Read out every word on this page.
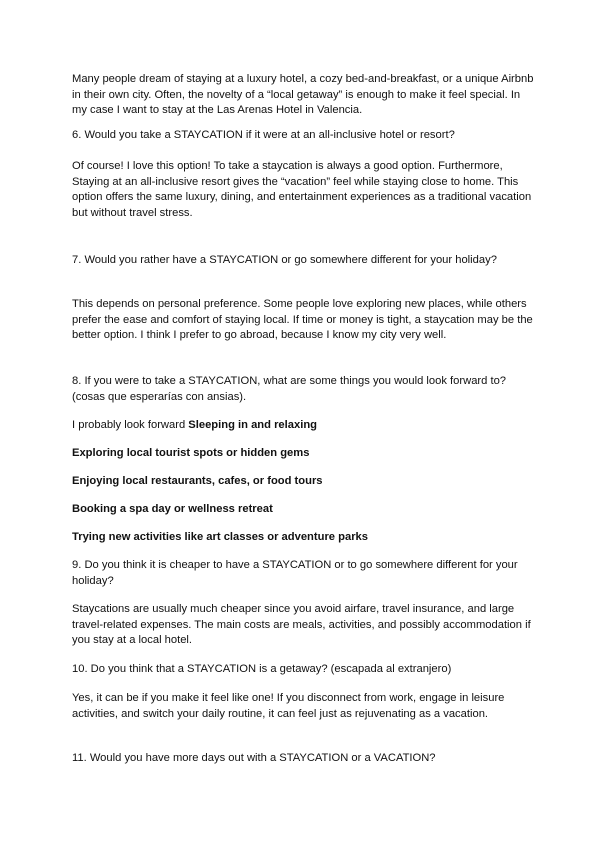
Many people dream of staying at a luxury hotel, a cozy bed-and-breakfast, or a unique Airbnb in their own city. Often, the novelty of a “local getaway” is enough to make it feel special. In my case I want to stay at the Las Arenas Hotel in Valencia.

6. Would you take a STAYCATION if it were at an all-inclusive hotel or resort?

Of course! I love this option! To take a staycation is always a good option. Furthermore, Staying at an all-inclusive resort gives the “vacation” feel while staying close to home. This option offers the same luxury, dining, and entertainment experiences as a traditional vacation but without travel stress.

7. Would you rather have a STAYCATION or go somewhere different for your holiday?

This depends on personal preference. Some people love exploring new places, while others prefer the ease and comfort of staying local. If time or money is tight, a staycation may be the better option. I think I prefer to go abroad, because I know my city very well.

8. If you were to take a STAYCATION, what are some things you would look forward to? (cosas que esperarías con ansias).

I probably look forward Sleeping in and relaxing

Exploring local tourist spots or hidden gems

Enjoying local restaurants, cafes, or food tours

Booking a spa day or wellness retreat

Trying new activities like art classes or adventure parks

9. Do you think it is cheaper to have a STAYCATION or to go somewhere different for your holiday?

Staycations are usually much cheaper since you avoid airfare, travel insurance, and large travel-related expenses. The main costs are meals, activities, and possibly accommodation if you stay at a local hotel.

10. Do you think that a STAYCATION is a getaway? (escapada al extranjero)

Yes, it can be if you make it feel like one! If you disconnect from work, engage in leisure activities, and switch your daily routine, it can feel just as rejuvenating as a vacation.

11. Would you have more days out with a STAYCATION or a VACATION?
